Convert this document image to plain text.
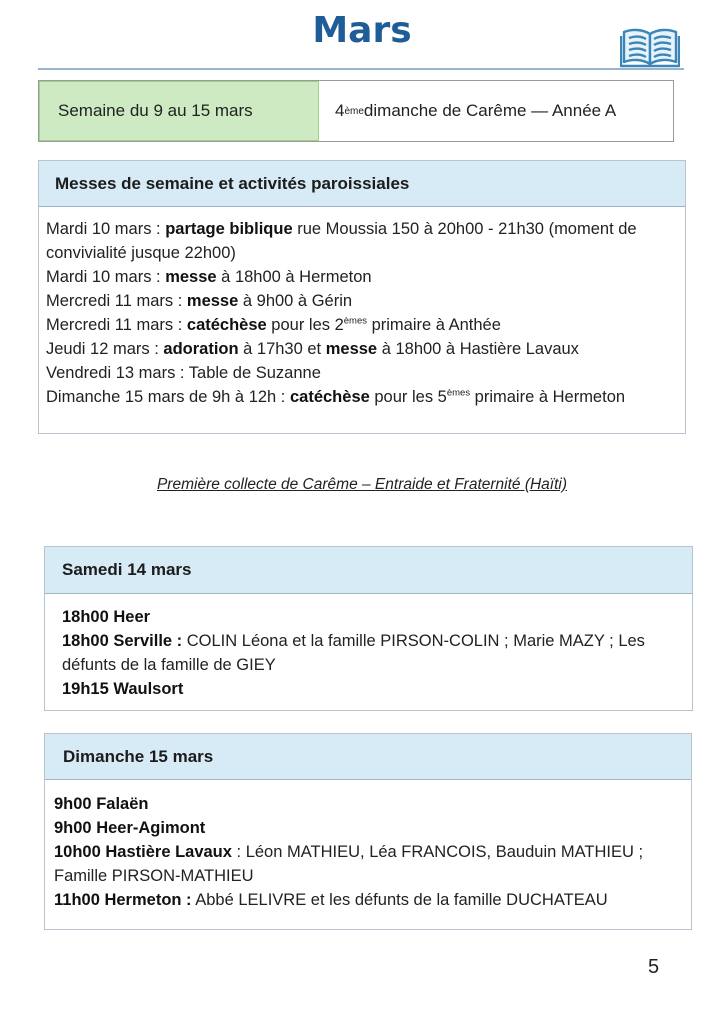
Mars
Semaine du 9 au 15 mars	4 ème dimanche de Carême — Année A
Messes de semaine et activités paroissiales
Mardi 10 mars : partage biblique rue Moussia 150 à 20h00 - 21h30 (moment de convivialité jusque 22h00)
Mardi 10 mars : messe à 18h00 à Hermeton
Mercredi 11 mars : messe à 9h00 à Gérin
Mercredi 11 mars : catéchèse pour les 2èmes primaire à Anthée
Jeudi 12 mars : adoration à 17h30 et messe à 18h00 à Hastière Lavaux
Vendredi 13 mars : Table de Suzanne
Dimanche 15 mars de 9h à 12h : catéchèse pour les 5èmes primaire à Hermeton
Première collecte de Carême – Entraide et Fraternité (Haïti)
Samedi 14 mars
18h00 Heer
18h00 Serville : COLIN Léona et la famille PIRSON-COLIN ; Marie MAZY ; Les défunts de la famille de GIEY
19h15 Waulsort
Dimanche 15 mars
9h00 Falaën
9h00 Heer-Agimont
10h00 Hastière Lavaux : Léon MATHIEU, Léa FRANCOIS, Bauduin MATHIEU ; Famille PIRSON-MATHIEU
11h00 Hermeton : Abbé LELIVRE et les défunts de la famille DUCHATEAU
5
